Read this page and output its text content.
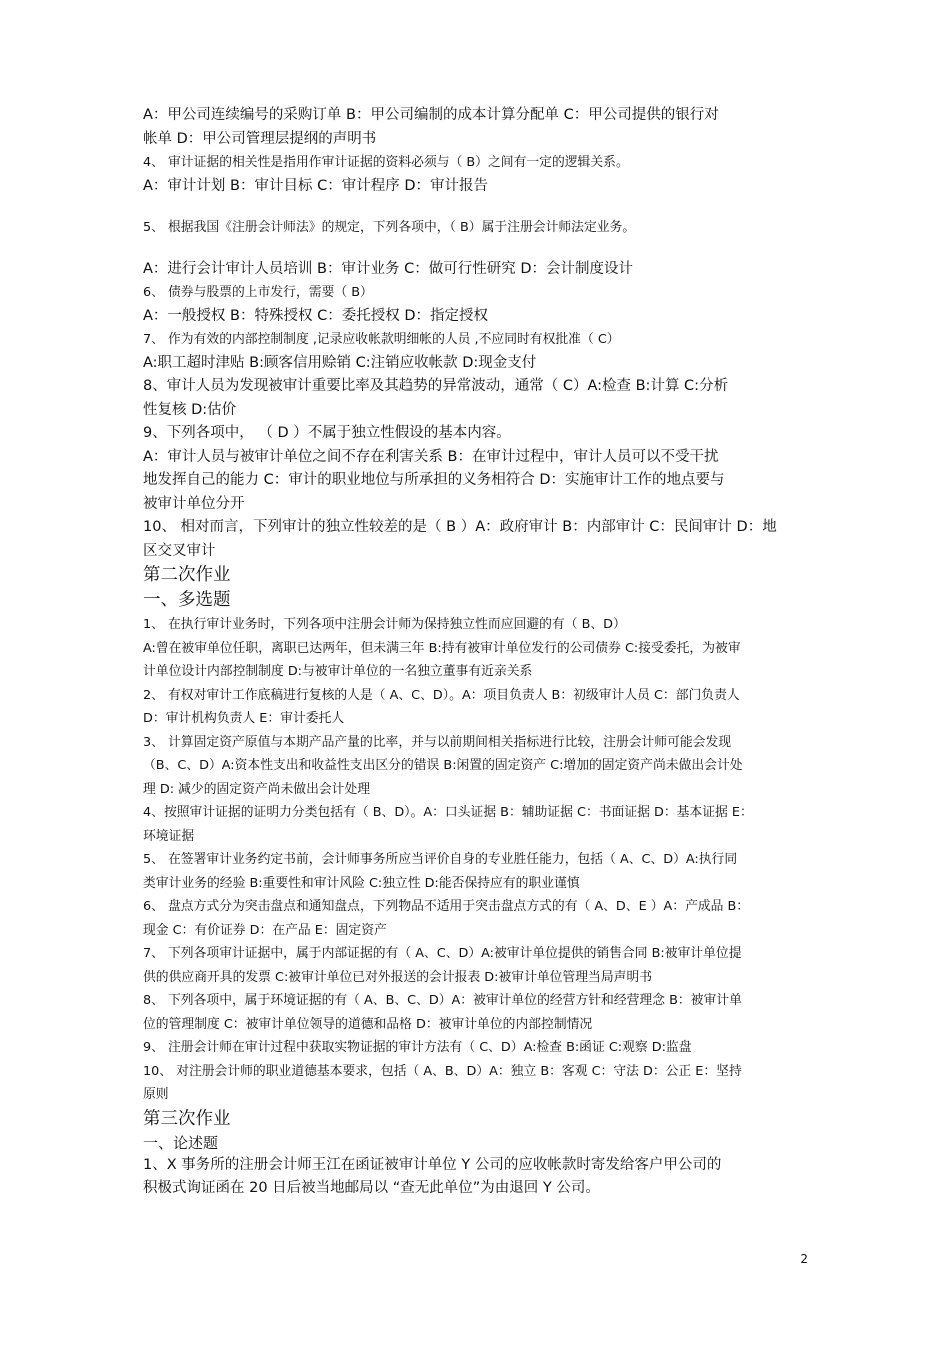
A：甲公司连续编号的采购订单 B：甲公司编制的成本计算分配单 C：甲公司提供的银行对
帐单 D：甲公司管理层提纲的声明书
4、 审计证据的相关性是指用作审计证据的资料必须与（ B）之间有一定的逻辑关系。
A：审计计划 B：审计目标 C：审计程序 D：审计报告
5、 根据我国《注册会计师法》的规定，下列各项中，（ B）属于注册会计师法定业务。
A：进行会计审计人员培训 B：审计业务 C：做可行性研究 D：会计制度设计
6、 债券与股票的上市发行，需要（ B）
A：一般授权 B：特殊授权 C：委托授权 D：指定授权
7、 作为有效的内部控制制度 ,记录应收帐款明细帐的人员 ,不应同时有权批准（ C）
A:职工超时津贴 B:顾客信用赊销 C:注销应收帐款 D:现金支付
8、审计人员为发现被审计重要比率及其趋势的异常波动，通常（ C）A:检查 B:计算 C:分析
性复核 D:估价
9、下列各项中， （ D ）不属于独立性假设的基本内容。
A：审计人员与被审计单位之间不存在利害关系 B：在审计过程中，审计人员可以不受干扰
地发挥自己的能力 C：审计的职业地位与所承担的义务相符合 D：实施审计工作的地点要与
被审计单位分开
10、 相对而言，下列审计的独立性较差的是（ B ）A：政府审计 B：内部审计 C：民间审计 D：地
区交叉审计
第二次作业
一、多选题
1、 在执行审计业务时，下列各项中注册会计师为保持独立性而应回避的有（ B、D）
A:曾在被审单位任职，离职已达两年，但未满三年 B:持有被审计单位发行的公司债券 C:接受委托，为被审
计单位设计内部控制制度 D:与被审计单位的一名独立董事有近亲关系
2、 有权对审计工作底稿进行复核的人是（ A、C、D）。A：项目负责人 B：初级审计人员 C：部门负责人
D：审计机构负责人 E：审计委托人
3、 计算固定资产原值与本期产品产量的比率，并与以前期间相关指标进行比较，注册会计师可能会发现
（B、C、D）A:资本性支出和收益性支出区分的错误 B:闲置的固定资产 C:增加的固定资产尚未做出会计处
理 D: 减少的固定资产尚未做出会计处理
4、按照审计证据的证明力分类包括有（ B、D）。A：口头证据 B：辅助证据 C：书面证据 D：基本证据 E：
环境证据
5、 在签署审计业务约定书前，会计师事务所应当评价自身的专业胜任能力，包括（ A、C、D）A:执行同
类审计业务的经验 B:重要性和审计风险 C:独立性 D:能否保持应有的职业谨慎
6、 盘点方式分为突击盘点和通知盘点，下列物品不适用于突击盘点方式的有（ A、D、E ）A：产成品 B：
现金 C：有价证券 D：在产品 E：固定资产
7、 下列各项审计证据中，属于内部证据的有（ A、C、D）A:被审计单位提供的销售合同 B:被审计单位提
供的供应商开具的发票 C:被审计单位已对外报送的会计报表 D:被审计单位管理当局声明书
8、 下列各项中，属于环境证据的有（ A、B、C、D）A：被审计单位的经营方针和经营理念 B：被审计单
位的管理制度 C：被审计单位领导的道德和品格 D：被审计单位的内部控制情况
9、 注册会计师在审计过程中获取实物证据的审计方法有（ C、D）A:检查 B:函证 C:观察 D:监盘
10、 对注册会计师的职业道德基本要求，包括（ A、B、D）A：独立 B：客观 C：守法 D：公正 E：坚持
原则
第三次作业
一、论述题
1、X 事务所的注册会计师王江在函证被审计单位 Y 公司的应收帐款时寄发给客户甲公司的
积极式询证函在 20 日后被当地邮局以 “查无此单位”为由退回 Y 公司。
2
